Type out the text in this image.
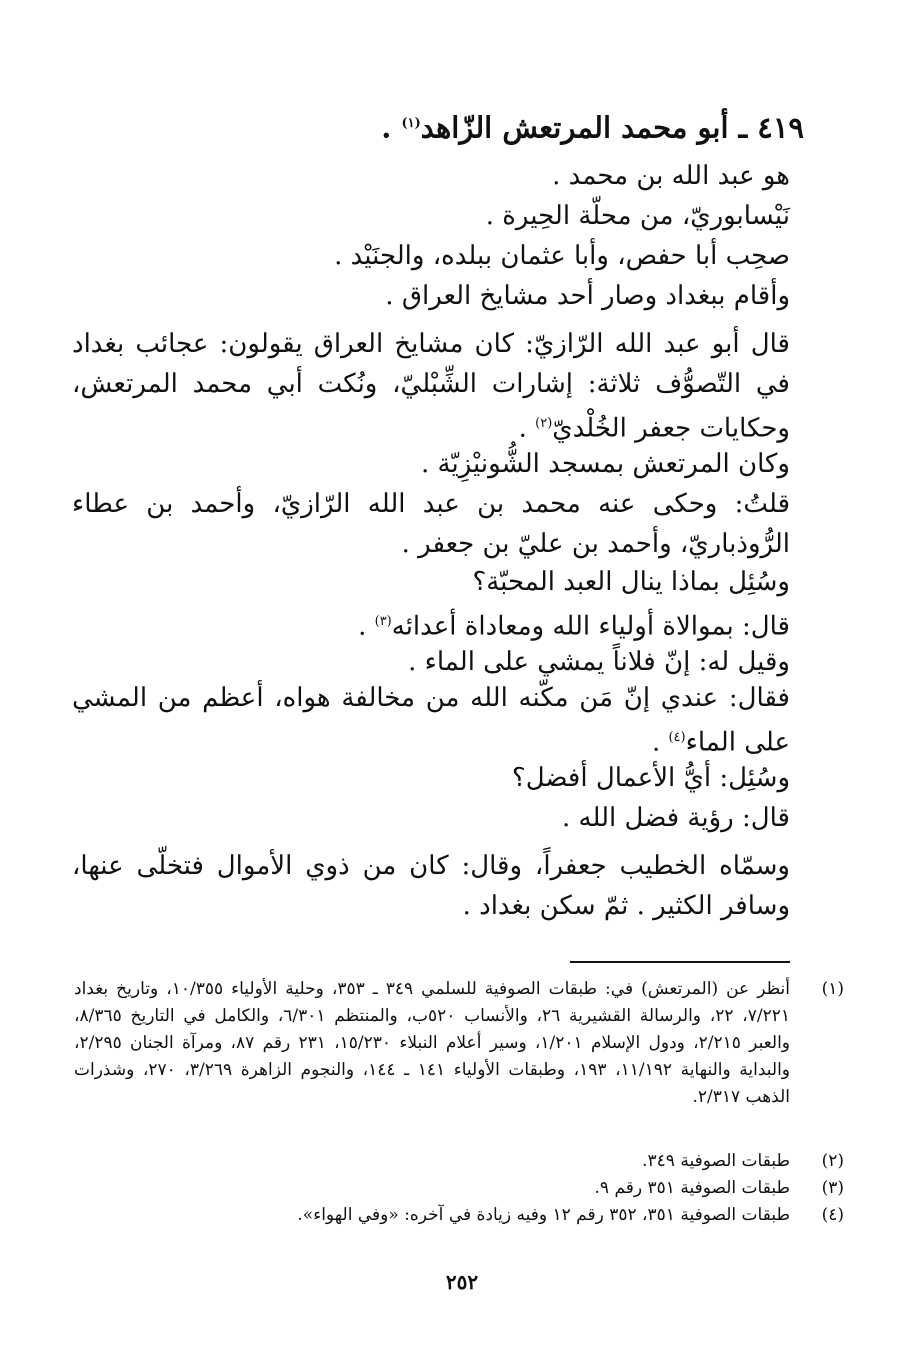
٤١٩ ـ أبو محمد المرتعش الزّاهد$^{(١)}$ .
هو عبد الله بن محمد .
نَيْسابوريّ، من محلّة الحِيرة .
صحِب أبا حفص، وأبا عثمان ببلده، والجنَيْد .
وأقام ببغداد وصار أحد مشايخ العراق .
قال أبو عبد الله الرّازيّ: كان مشايخ العراق يقولون: عجائب بغداد في التّصوُّف ثلاثة: إشارات الشِّبْليّ، ونُكت أبي محمد المرتعش، وحكايات جعفر الخُلْديّ$^{(٢)}$ .
وكان المرتعش بمسجد الشُّونيْزِيّة .
قلتُ: وحكى عنه محمد بن عبد الله الرّازيّ، وأحمد بن عطاء الرُّوذباريّ، وأحمد بن عليّ بن جعفر .
وسُئِل بماذا ينال العبد المحبّة؟
قال: بموالاة أولياء الله ومعاداة أعدائه$^{(٣)}$ .
وقيل له: إنّ فلاناً يمشي على الماء .
فقال: عندي إنّ مَن مكّنه الله من مخالفة هواه، أعظم من المشي على الماء$^{(٤)}$ .
وسُئِل: أيُّ الأعمال أفضل؟
قال: رؤية فضل الله .
وسمّاه الخطيب جعفراً، وقال: كان من ذوي الأموال فتخلّى عنها، وسافر الكثير . ثمّ سكن بغداد .
(١)
أنظر عن (المرتعش) في: طبقات الصوفية للسلمي ٣٤٩ ـ ٣٥٣، وحلية الأولياء ١٠/٣٥٥، وتاريخ بغداد ٧/٢٢١، ٢٢، والرسالة القشيرية ٢٦، والأنساب ٥٢٠ب، والمنتظم ٦/٣٠١، والكامل في التاريخ ٨/٣٦٥، والعبر ٢/٢١٥، ودول الإسلام ١/٢٠١، وسير أعلام النبلاء ١٥/٢٣٠، ٢٣١ رقم ٨٧، ومرآة الجنان ٢/٢٩٥، والبداية والنهاية ١١/١٩٢، ١٩٣، وطبقات الأولياء ١٤١ ـ ١٤٤، والنجوم الزاهرة ٣/٢٦٩، ٢٧٠، وشذرات الذهب ٢/٣١٧.
(٢)
طبقات الصوفية ٣٤٩.
(٣)
طبقات الصوفية ٣٥١ رقم ٩.
(٤)
طبقات الصوفية ٣٥١، ٣٥٢ رقم ١٢ وفيه زيادة في آخره: «وفي الهواء».
٢٥٢
